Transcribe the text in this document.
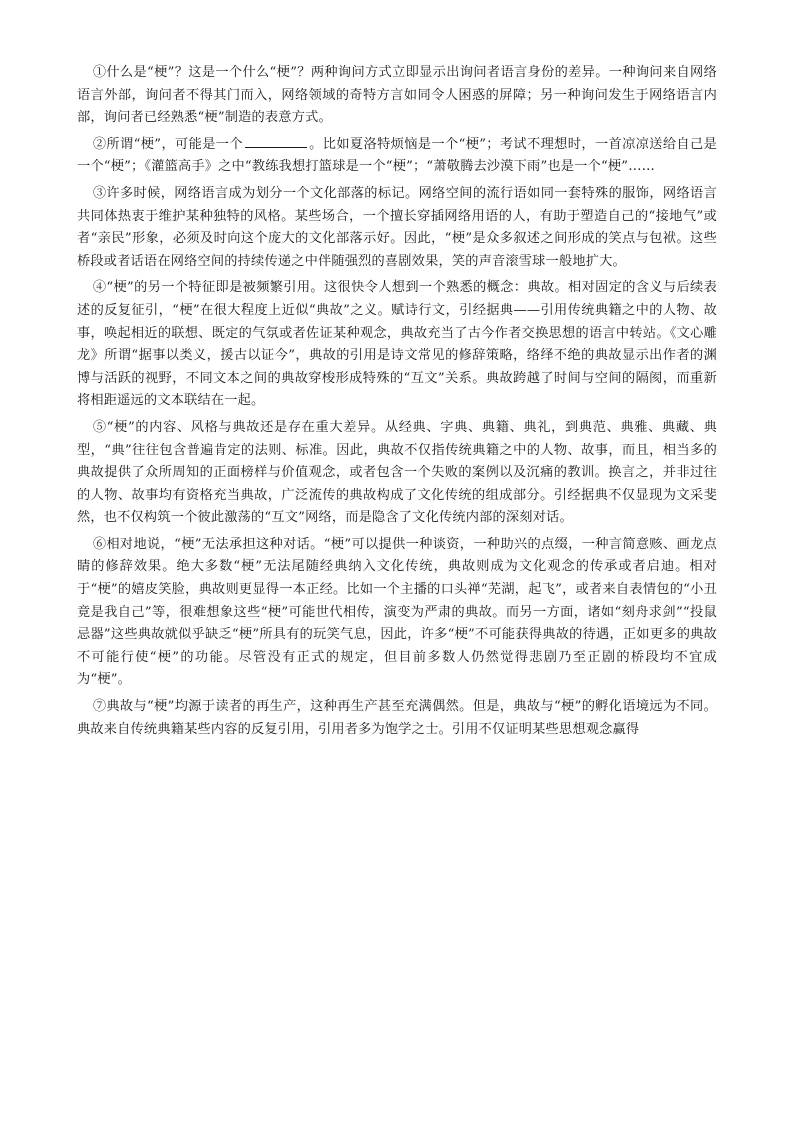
①什么是“梗”？这是一个什么“梗”？两种询问方式立即显示出询问者语言身份的差异。一种询问来自网络语言外部，询问者不得其门而入，网络领域的奇特方言如同令人困惑的屏障；另一种询问发生于网络语言内部，询问者已经熟悉“梗”制造的表意方式。

②所谓“梗”，可能是一个	。比如夏洛特烦恼是一个“梗”；考试不理想时，一首凉凉送给自己是一个“梗”；《灌篮高手》之中“教练我想打篮球是一个“梗”；“萧敬腾去沙漠下雨”也是一个“梗”……

③许多时候，网络语言成为划分一个文化部落的标记。网络空间的流行语如同一套特殊的服饰，网络语言共同体热衷于维护某种独特的风格。某些场合，一个擅长穿插网络用语的人，有助于塑造自己的“接地气”或者“亲民”形象，必须及时向这个庞大的文化部落示好。因此，“梗”是众多叙述之间形成的笑点与包袱。这些桥段或者话语在网络空间的持续传递之中伴随强烈的喜剧效果，笑的声音滚雪球一般地扩大。

④“梗”的另一个特征即是被频繁引用。这很快令人想到一个熟悉的概念：典故。相对固定的含义与后续表述的反复征引，“梗”在很大程度上近似“典故”之义。赋诗行文，引经据典——引用传统典籍之中的人物、故事，唤起相近的联想、既定的气氛或者佐证某种观念，典故充当了古今作者交换思想的语言中转站。《文心雕龙》所谓“据事以类义，援古以证今”，典故的引用是诗文常见的修辞策略，络绎不绝的典故显示出作者的渊博与活跃的视野，不同文本之间的典故穿梭形成特殊的“互文”关系。典故跨越了时间与空间的隔阂，而重新将相距遥远的文本联结在一起。

⑤“梗”的内容、风格与典故还是存在重大差异。从经典、字典、典籍、典礼，到典范、典雅、典藏、典型，“典”往往包含普遍肯定的法则、标准。因此，典故不仅指传统典籍之中的人物、故事，而且，相当多的典故提供了众所周知的正面榜样与价值观念，或者包含一个失败的案例以及沉痛的教训。换言之，并非过往的人物、故事均有资格充当典故，广泛流传的典故构成了文化传统的组成部分。引经据典不仅显现为文采斐然，也不仅构筑一个彼此激荡的“互文”网络，而是隐含了文化传统内部的深刻对话。

⑥相对地说，“梗”无法承担这种对话。“梗”可以提供一种谈资，一种助兴的点缀，一种言简意赅、画龙点睛的修辞效果。绝大多数“梗”无法尾随经典纳入文化传统，典故则成为文化观念的传承或者启迪。相对于“梗”的嬉皮笑脸，典故则更显得一本正经。比如一个主播的口头禅“芜湖，起飞”，或者来自表情包的“小丑竟是我自己”等，很难想象这些“梗”可能世代相传，演变为严肃的典故。而另一方面，诸如“刻舟求剑”“投鼠忌器”这些典故就似乎缺乏“梗”所具有的玩笑气息，因此，许多“梗”不可能获得典故的待遇，正如更多的典故不可能行使“梗”的功能。尽管没有正式的规定，但目前多数人仍然觉得悲剧乃至正剧的桥段均不宜成为“梗”。

⑦典故与“梗”均源于读者的再生产，这种再生产甚至充满偶然。但是，典故与“梗”的孵化语境远为不同。典故来自传统典籍某些内容的反复引用，引用者多为饱学之士。引用不仅证明某些思想观念赢得
